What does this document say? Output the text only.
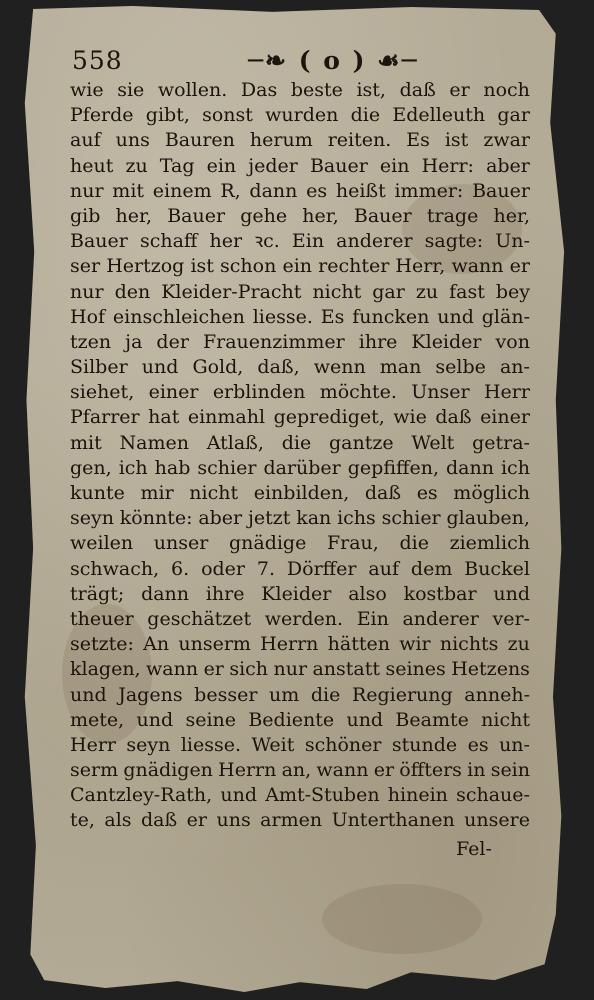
558	─❧ ( o ) ☙─
wie sie wollen. Das beste ist, daß er noch
Pferde gibt, sonst wurden die Edelleuth gar
auf uns Bauren herum reiten. Es ist zwar
heut zu Tag ein jeder Bauer ein Herr: aber
nur mit einem R, dann es heißt immer: Bauer
gib her, Bauer gehe her, Bauer trage her,
Bauer schaff her ꝛc. Ein anderer sagte: Un-
ser Hertzog ist schon ein rechter Herr, wann er
nur den Kleider-Pracht nicht gar zu fast bey
Hof einschleichen liesse. Es funcken und glän-
tzen ja der Frauenzimmer ihre Kleider von
Silber und Gold, daß, wenn man selbe an-
siehet, einer erblinden möchte. Unser Herr
Pfarrer hat einmahl geprediget, wie daß einer
mit Namen Atlaß, die gantze Welt getra-
gen, ich hab schier darüber gepfiffen, dann ich
kunte mir nicht einbilden, daß es möglich
seyn könnte: aber jetzt kan ichs schier glauben,
weilen unser gnädige Frau, die ziemlich
schwach, 6. oder 7. Dörffer auf dem Buckel
trägt; dann ihre Kleider also kostbar und
theuer geschätzet werden. Ein anderer ver-
setzte: An unserm Herrn hätten wir nichts zu
klagen, wann er sich nur anstatt seines Hetzens
und Jagens besser um die Regierung anneh-
mete, und seine Bediente und Beamte nicht
Herr seyn liesse. Weit schöner stunde es un-
serm gnädigen Herrn an, wann er öffters in sein
Cantzley-Rath, und Amt-Stuben hinein schaue-
te, als daß er uns armen Unterthanen unsere
Fel-
